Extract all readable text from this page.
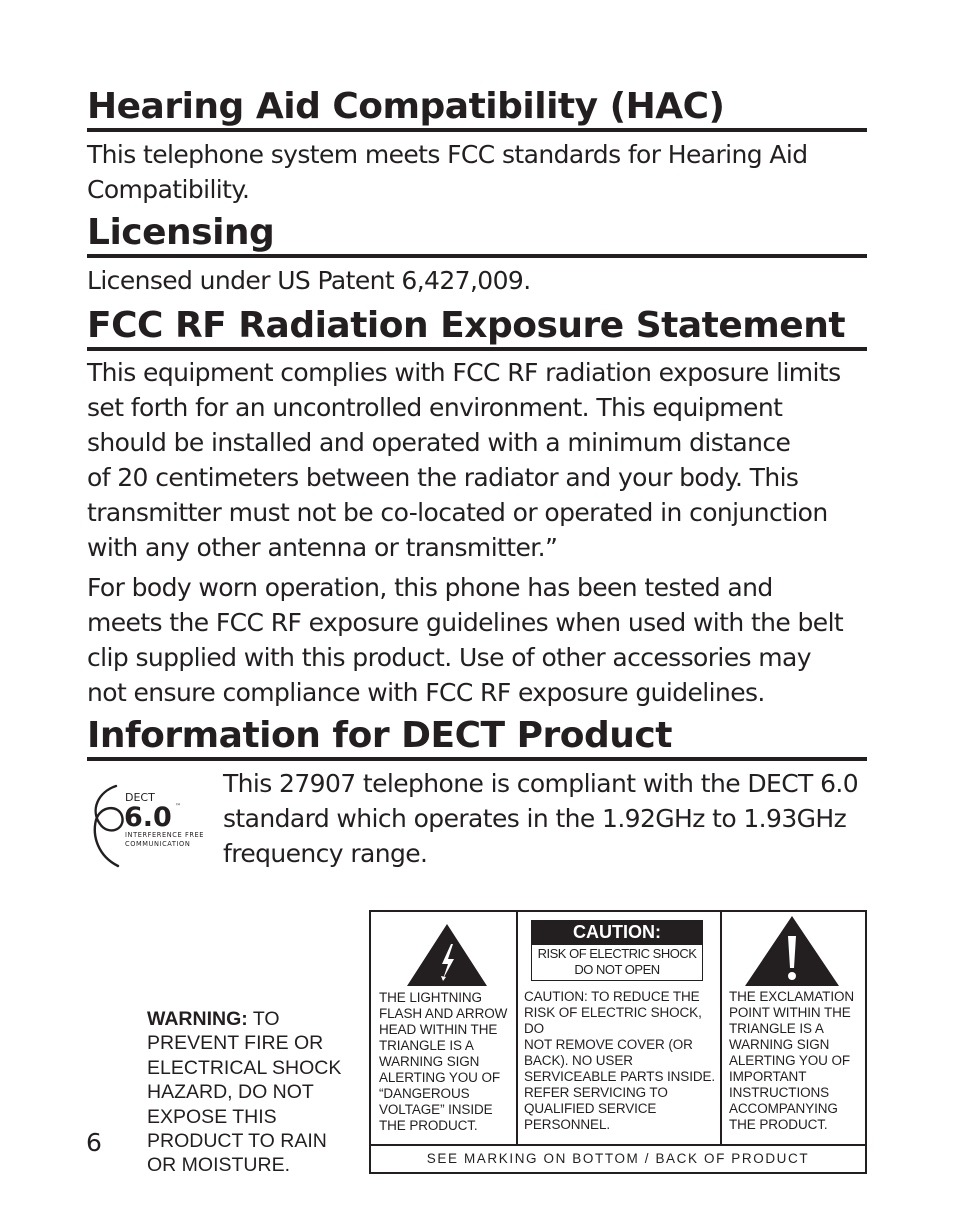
Hearing Aid Compatibility (HAC)

This telephone system meets FCC standards for Hearing Aid
Compatibility.

Licensing

Licensed under US Patent 6,427,009.

FCC RF Radiation Exposure Statement

This equipment complies with FCC RF radiation exposure limits
set forth for an uncontrolled environment. This equipment
should be installed and operated with a minimum distance
of 20 centimeters between the radiator and your body. This
transmitter must not be co-located or operated in conjunction
with any other antenna or transmitter.”

For body worn operation, this phone has been tested and
meets the FCC RF exposure guidelines when used with the belt
clip supplied with this product. Use of other accessories may
not ensure compliance with FCC RF exposure guidelines.

Information for DECT Product
DECT
6.0 ™
INTERFERENCE FREE
COMMUNICATION

This 27907 telephone is compliant with the DECT 6.0
standard which operates in the 1.92GHz to 1.93GHz
frequency range.

WARNING: TO
PREVENT FIRE OR
ELECTRICAL SHOCK
HAZARD, DO NOT
EXPOSE THIS
PRODUCT TO RAIN
OR MOISTURE.

6

THE LIGHTNING
FLASH AND ARROW
HEAD WITHIN THE
TRIANGLE IS A
WARNING SIGN
ALERTING YOU OF
“DANGEROUS
VOLTAGE” INSIDE
THE PRODUCT.

CAUTION:
RISK OF ELECTRIC SHOCK
DO NOT OPEN

CAUTION: TO REDUCE THE
RISK OF ELECTRIC SHOCK, DO
NOT REMOVE COVER (OR
BACK). NO USER
SERVICEABLE PARTS INSIDE.
REFER SERVICING TO
QUALIFIED SERVICE
PERSONNEL.

THE EXCLAMATION
POINT WITHIN THE
TRIANGLE IS A
WARNING SIGN
ALERTING YOU OF
IMPORTANT
INSTRUCTIONS
ACCOMPANYING
THE PRODUCT.

SEE MARKING ON BOTTOM / BACK OF PRODUCT
